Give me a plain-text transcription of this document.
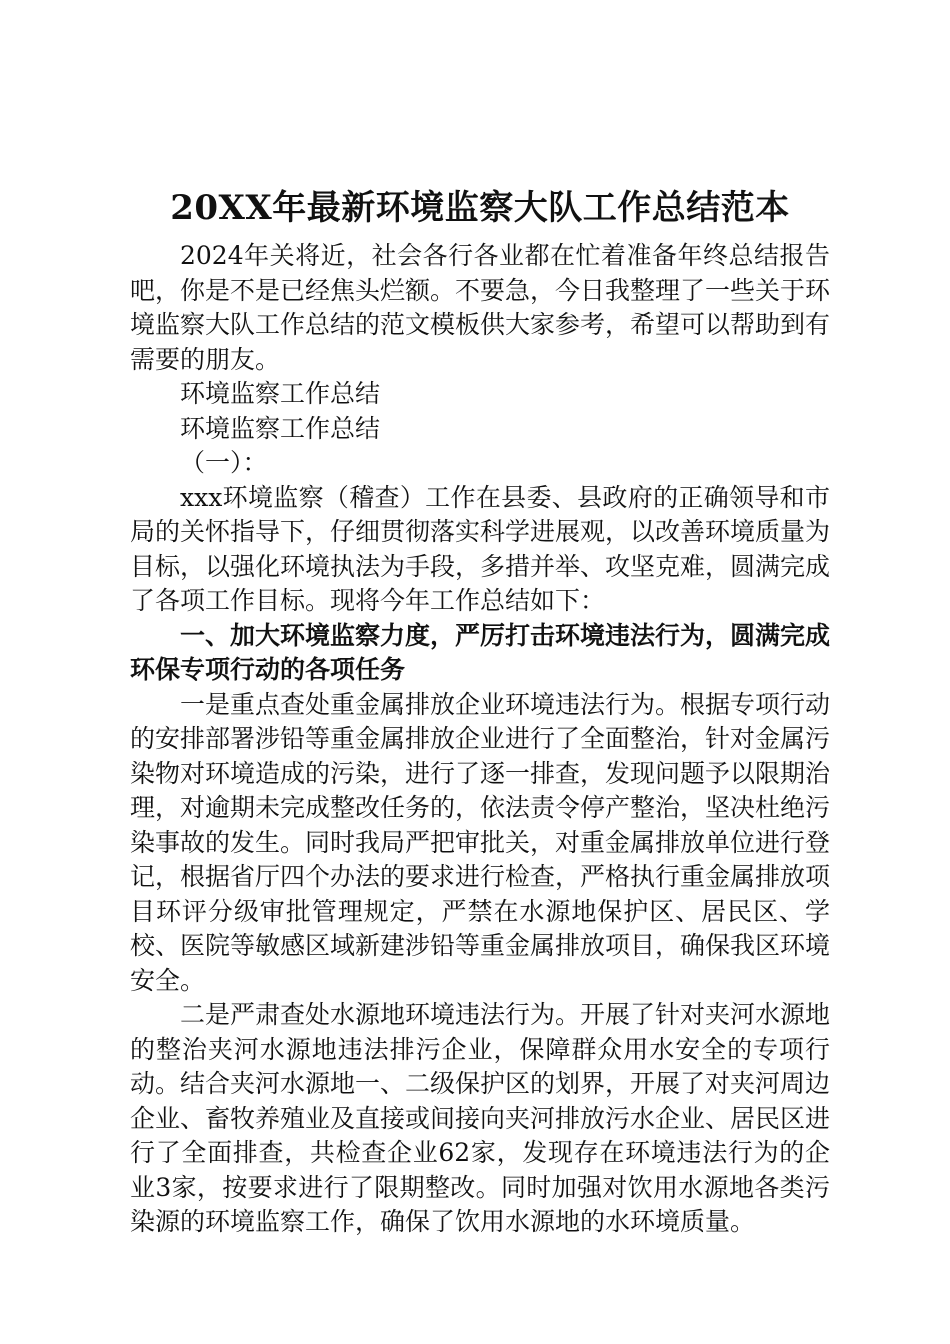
20XX年最新环境监察大队工作总结范本

2024年关将近，社会各行各业都在忙着准备年终总结报告吧，你是不是已经焦头烂额。不要急，今日我整理了一些关于环境监察大队工作总结的范文模板供大家参考，希望可以帮助到有需要的朋友。

环境监察工作总结

环境监察工作总结

（一）：

xxx环境监察（稽查）工作在县委、县政府的正确领导和市局的关怀指导下，仔细贯彻落实科学进展观，以改善环境质量为目标，以强化环境执法为手段，多措并举、攻坚克难，圆满完成了各项工作目标。现将今年工作总结如下：

一、加大环境监察力度，严厉打击环境违法行为，圆满完成环保专项行动的各项任务

一是重点查处重金属排放企业环境违法行为。根据专项行动的安排部署涉铅等重金属排放企业进行了全面整治，针对金属污染物对环境造成的污染，进行了逐一排查，发现问题予以限期治理，对逾期未完成整改任务的，依法责令停产整治，坚决杜绝污染事故的发生。同时我局严把审批关，对重金属排放单位进行登记，根据省厅四个办法的要求进行检查，严格执行重金属排放项目环评分级审批管理规定，严禁在水源地保护区、居民区、学校、医院等敏感区域新建涉铅等重金属排放项目，确保我区环境安全。

二是严肃查处水源地环境违法行为。开展了针对夹河水源地的整治夹河水源地违法排污企业，保障群众用水安全的专项行动。结合夹河水源地一、二级保护区的划界，开展了对夹河周边企业、畜牧养殖业及直接或间接向夹河排放污水企业、居民区进行了全面排查，共检查企业62家，发现存在环境违法行为的企业3家，按要求进行了限期整改。同时加强对饮用水源地各类污染源的环境监察工作，确保了饮用水源地的水环境质量。
